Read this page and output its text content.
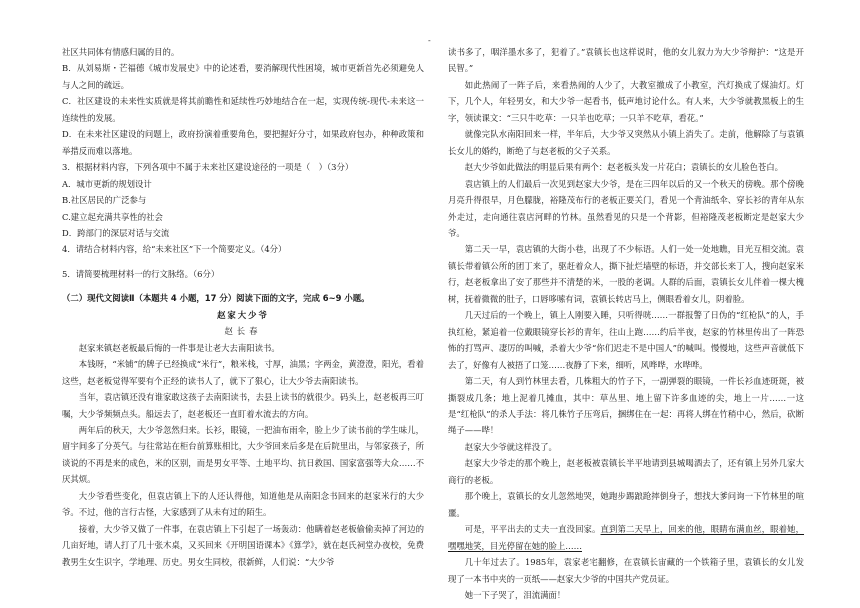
-

社区共同体有情感归属的目的。

B．从刘易斯・芒福德《城市发展史》中的论述看，要消解现代性困境，城市更新首先必须避免人与人之间的疏远。

C．社区建设的未来性实质就是将其前瞻性和延续性巧妙地结合在一起，实现传统-现代-未来这一连续性的发展。

D．在未来社区建设的问题上，政府扮演着重要角色，要把握好分寸，如果政府包办，种种政策和举措反而难以落地。

3．根据材料内容，下列各项中不属于未来社区建设途径的一项是（　）（3分）

A．城市更新的规划设计

B.社区居民的广泛参与

C.建立起充满共享性的社会

D．跨部门的深层对话与交流

4．请结合材料内容，给“未来社区”下一个简要定义。（4分）

5．请简要梳理材料一的行文脉络。（6分）

（二）现代文阅读Ⅱ（本题共 4 小题，17 分）阅读下面的文字，完成 6~9 小题。

赵家大少爷

赵长春

赵家来镇赵老板最后悔的一件事是让老大去南阳读书。

本钱呀，“米铺”的牌子已经换成“米行”，粮米栈，寸厚，油黑；字两金，黄澄澄，阳光，看着这些，赵老板觉得军要有个正经的读书人了，就下了狠心，让大少爷去南阳读书。

当年，袁店镇还没有谁家敢这孩子去南阳读书，去县上读书的就很少。码头上，赵老板再三叮嘱，大少爷频频点头。船远去了，赵老板还一直盯着水流去的方向。

两年后的秋天，大少爷忽然归来。长衫，眼镜，一把油布雨伞，脸上少了读书前的学生味儿，眉宇间多了分英气。与往常站在柜台前算账相比，大少爷回来后多是在后院里出，与邻家孩子，所谈说的不再是来的成色，米的区别，而是男女平等、土地平均、抗日救国、国家富强等大众……不厌其烦。

大少爷看些变化，但袁店镇上下的人还认得他，知道他是从南阳念书回来的赵家米行的大少爷。不过，他的言行古怪，大家感到了从未有过的陌生。

接着，大少爷又做了一件事，在袁店镇上下引起了一场轰动：他瞒着赵老板偷偷卖掉了河边的几亩好地，请人打了几十张木桌，又买回来《开明国语课本》《算学》，就在赵氏祠堂办夜校，免费教男生女生识字，学地理、历史。男女生同校，很新鲜，人们说：“大少爷

读书多了，咽洋墨水多了，犯着了。”袁镇长也这样说时，他的女儿叙力为大少爷辩护：“这是开民智。”

如此热闹了一阵子后，来看热闹的人少了，大教室撤成了小教室，汽灯换成了煤油灯。灯下，几个人，年轻男女，和大少爷一起看书，低声地讨论什么。有人来，大少爷就教黑板上的生字，领读课文：“三只牛吃草：一只羊也吃草；一只羊不吃草，看花。”

就像完队水南阳回来一样，半年后，大少爷又突然从小镇上消失了。走前，他解除了与袁镇长女儿的婚约，断绝了与赵老板的父子关系。

赵大少爷如此做法的明显后果有两个：赵老板头发一片花白；袁镇长的女儿脸色苍白。

袁店镇上的人们最后一次见到赵家大少爷，是在三四年以后的又一个秋天的傍晚。那个傍晚月亮升得很早，月色朦胧，裕隆茂布行的老板正要关门，看见一个背油纸伞、穿长衫的青年从东外走过，走向通往袁店河畔的竹林。虽然看见的只是一个背影，但裕隆茂老板断定是赵家大少爷。

第二天一早，袁店镇的大街小巷，出现了不少标语。人们一处一处地瞧，目光互相交流。袁镇长带着镇公所的团丁来了，驱赶着众人，撕下扯烂墙壁的标语，并交部长来丁人，搜向赵家米行，赵老板拿出了安了那些并不清楚的米，一股的老调。人群的后面，袁镇长女儿伴着一棵大槐树，抚着微微的肚子，口唇哆嗦有词，袁镇长转店马上，侧眼看着女儿，阴着脸。

几天过后的一个晚上，镇上人刚要入睡，只听得咣……一群报警了日伪的“红枪队”的人，手执红枪，紧追着一位戴眼镜穿长衫的青年，往山上跑……约后半夜，赵家的竹林里传出了一阵恐怖的打骂声、凄厉的叫喊，杀着大少爷“你们迟走不是中国人”的喊叫。慢慢地，这些声音就低下去了，好像有人被捂了口笼……夜静了下来，细听，风哗哗，水哗哗。

第二天，有人到竹林里去看，几株粗大的竹子下，一副弹裂的眼镜，一件长衫血迹斑斑，被撕裂成几条；地上泥着几摊血，其中：草丛里、地上留下许多血迹的尖，地上一片……一这是“红枪队”的杀人手法：将几株竹子压弯后，捆绑住在一起：再将人绑在竹稍中心，然后，砍断绳子——哗！

赵家大少爷就这样没了。

赵家大少爷走的那个晚上，赵老板被袁镇长半平地请到县城喝酒去了，还有镇上另外几家大商行的老板。

那个晚上，袁镇长的女儿忽然地哭，她跑步踢踉跄摔倒身子，想找大爹问询一下竹林里的喧噩。

可是，平平出去的丈夫一直没回家。直到第二天早上，回来的他，眼睛布满血丝，眼着她，嘿嘿地笑，目光停留在她的脸上……

几十年过去了。1985年，袁家老宅翻修，在袁镇长宙藏的一个铁箱子里，袁镇长的女儿发现了一本书中夹的一页纸——赵家大少爷的中国共产党员证。

她一下子哭了，泪流满面！
